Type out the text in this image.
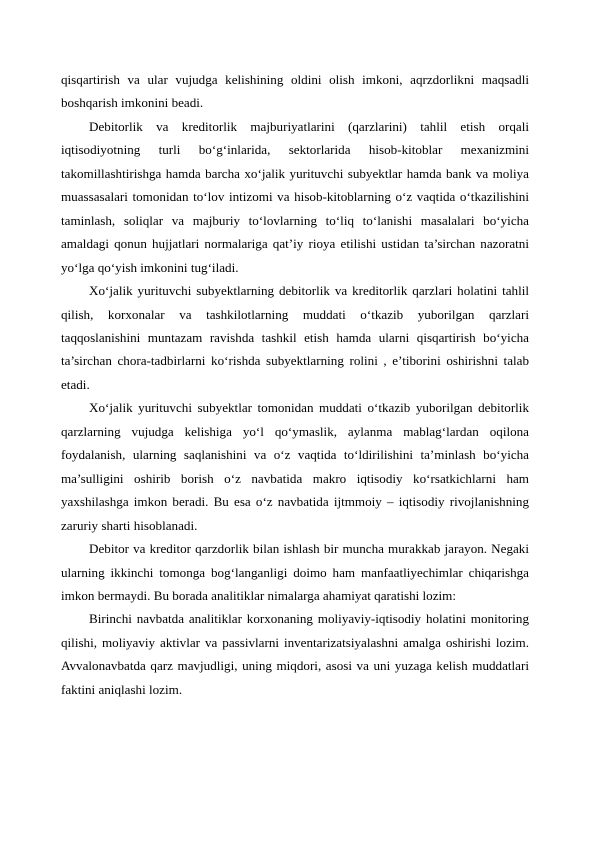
qisqartirish va ular vujudga kelishining oldini olish imkoni, aqrzdorlikni maqsadli boshqarish imkonini beadi.

Debitorlik va kreditorlik majburiyatlarini (qarzlarini) tahlil etish orqali iqtisodiyotning turli bo‘g‘inlarida, sektorlarida hisob-kitoblar mexanizmini takomillashtirishga hamda barcha xo‘jalik yurituvchi subyektlar hamda bank va moliya muassasalari tomonidan to‘lov intizomi va hisob-kitoblarning o‘z vaqtida o‘tkazilishini taminlash, soliqlar va majburiy to‘lovlarning to‘liq to‘lanishi masalalari bo‘yicha amaldagi qonun hujjatlari normalariga qat’iy rioya etilishi ustidan ta’sirchan nazoratni yo‘lga qo‘yish imkonini tug‘iladi.

Xo‘jalik yurituvchi subyektlarning debitorlik va kreditorlik qarzlari holatini tahlil qilish, korxonalar va tashkilotlarning muddati o‘tkazib yuborilgan qarzlari taqqoslanishini muntazam ravishda tashkil etish hamda ularni qisqartirish bo‘yicha ta’sirchan chora-tadbirlarni ko‘rishda subyektlarning rolini , e’tiborini oshirishni talab etadi.

Xo‘jalik yurituvchi subyektlar tomonidan muddati o‘tkazib yuborilgan debitorlik qarzlarning vujudga kelishiga yo‘l qo‘ymaslik, aylanma mablag‘lardan oqilona foydalanish, ularning saqlanishini va o‘z vaqtida to‘ldirilishini ta’minlash bo‘yicha ma’sulligini oshirib borish o‘z navbatida makro iqtisodiy ko‘rsatkichlarni ham yaxshilashga imkon beradi. Bu esa o‘z navbatida ijtmmoiy – iqtisodiy rivojlanishning zaruriy sharti hisoblanadi.

Debitor va kreditor qarzdorlik bilan ishlash bir muncha murakkab jarayon. Negaki ularning ikkinchi tomonga bog‘langanligi doimo ham manfaatliyechimlar chiqarishga imkon bermaydi. Bu borada analitiklar nimalarga ahamiyat qaratishi lozim:

Birinchi navbatda analitiklar korxonaning moliyaviy-iqtisodiy holatini monitoring qilishi, moliyaviy aktivlar va passivlarni inventarizatsiyalashni amalga oshirishi lozim. Avvalonavbatda qarz mavjudligi, uning miqdori, asosi va uni yuzaga kelish muddatlari faktini aniqlashi lozim.
